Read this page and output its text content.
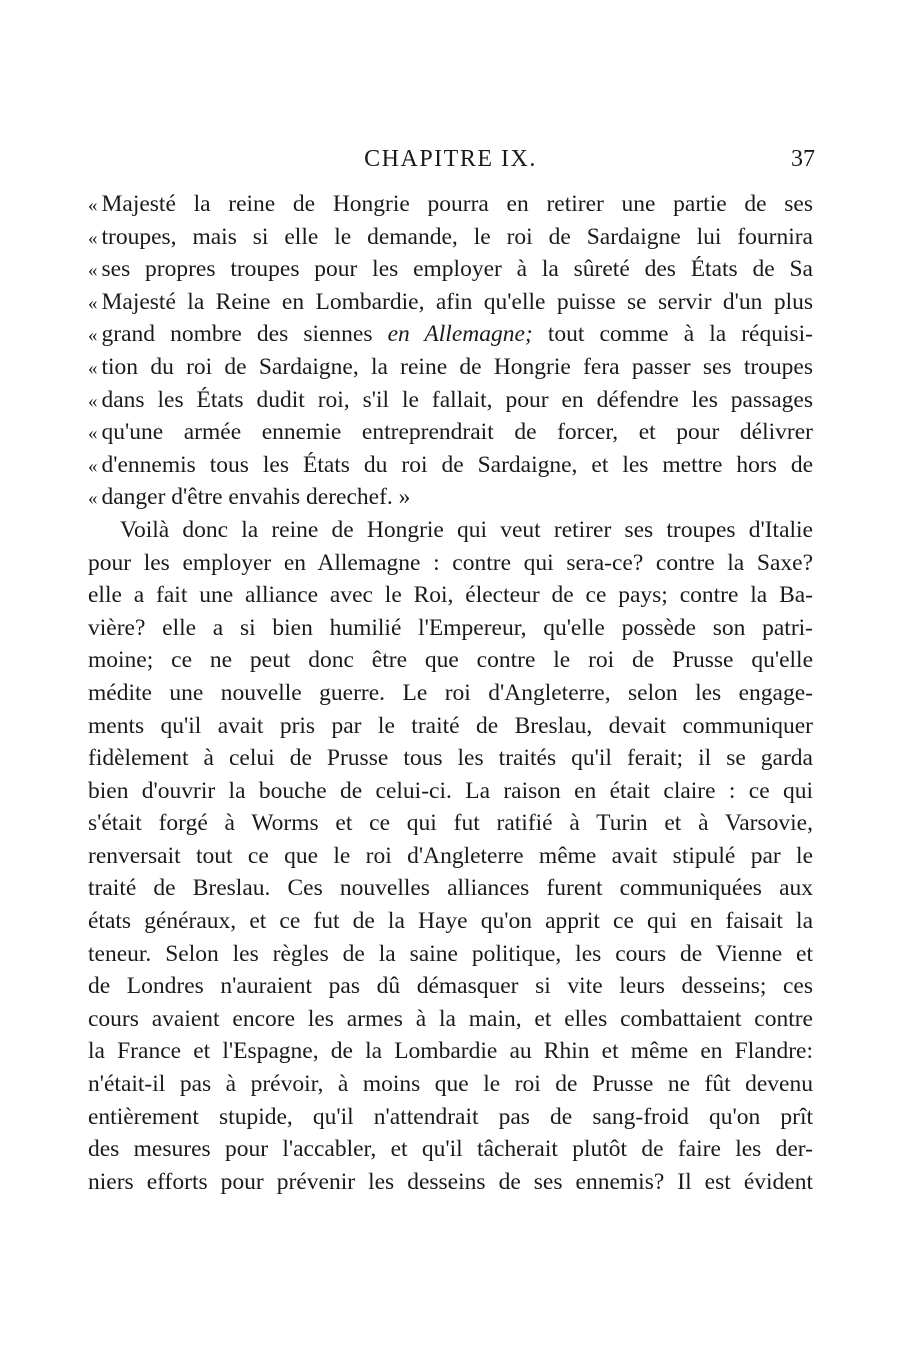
CHAPITRE IX.	37
« Majesté la reine de Hongrie pourra en retirer une partie de ses
« troupes, mais si elle le demande, le roi de Sardaigne lui fournira
« ses propres troupes pour les employer à la sûreté des États de Sa
« Majesté la Reine en Lombardie, afin qu'elle puisse se servir d'un plus
« grand nombre des siennes en Allemagne; tout comme à la réquisi-
« tion du roi de Sardaigne, la reine de Hongrie fera passer ses troupes
« dans les États dudit roi, s'il le fallait, pour en défendre les passages
« qu'une armée ennemie entreprendrait de forcer, et pour délivrer
« d'ennemis tous les États du roi de Sardaigne, et les mettre hors de
« danger d'être envahis derechef. »
Voilà donc la reine de Hongrie qui veut retirer ses troupes d'Italie
pour les employer en Allemagne : contre qui sera-ce? contre la Saxe?
elle a fait une alliance avec le Roi, électeur de ce pays; contre la Ba-
vière? elle a si bien humilié l'Empereur, qu'elle possède son patri-
moine; ce ne peut donc être que contre le roi de Prusse qu'elle
médite une nouvelle guerre. Le roi d'Angleterre, selon les engage-
ments qu'il avait pris par le traité de Breslau, devait communiquer
fidèlement à celui de Prusse tous les traités qu'il ferait; il se garda
bien d'ouvrir la bouche de celui-ci. La raison en était claire : ce qui
s'était forgé à Worms et ce qui fut ratifié à Turin et à Varsovie,
renversait tout ce que le roi d'Angleterre même avait stipulé par le
traité de Breslau. Ces nouvelles alliances furent communiquées aux
états généraux, et ce fut de la Haye qu'on apprit ce qui en faisait la
teneur. Selon les règles de la saine politique, les cours de Vienne et
de Londres n'auraient pas dû démasquer si vite leurs desseins; ces
cours avaient encore les armes à la main, et elles combattaient contre
la France et l'Espagne, de la Lombardie au Rhin et même en Flandre:
n'était-il pas à prévoir, à moins que le roi de Prusse ne fût devenu
entièrement stupide, qu'il n'attendrait pas de sang-froid qu'on prît
des mesures pour l'accabler, et qu'il tâcherait plutôt de faire les der-
niers efforts pour prévenir les desseins de ses ennemis? Il est évident
